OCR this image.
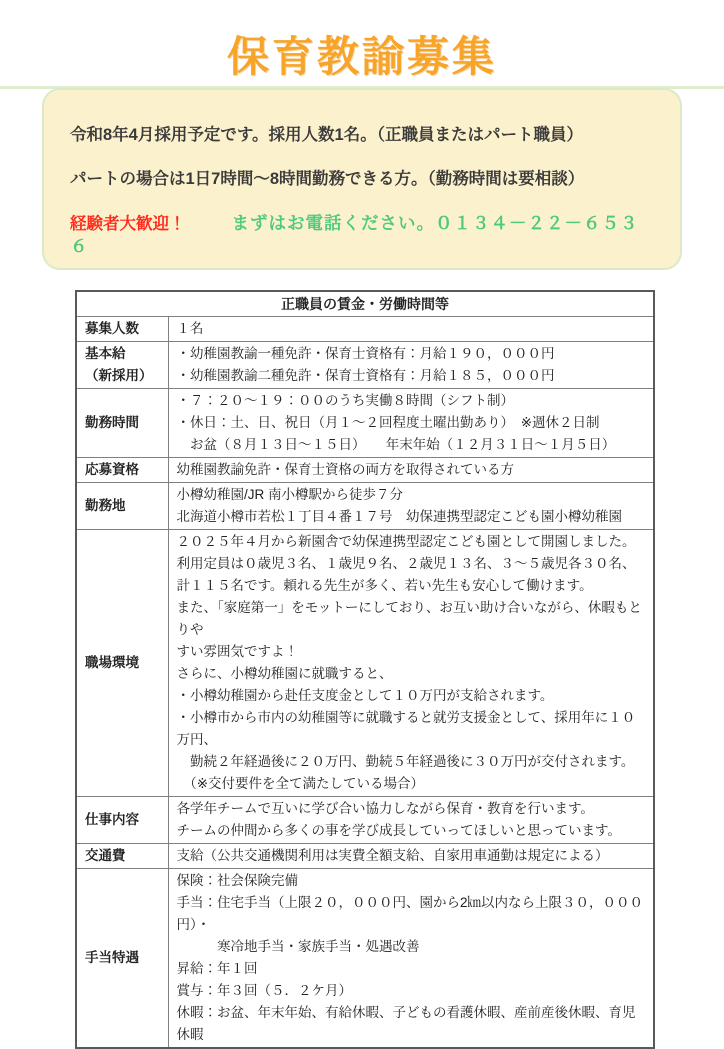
保育教諭募集

令和8年4月採用予定です。採用人数1名。（正職員またはパート職員）

パートの場合は1日7時間～8時間勤務できる方。（勤務時間は要相談）

経験者大歓迎！	まずはお電話ください。０１３４－２２－６５３６

正職員の賃金・労働時間等	
募集人数	１名
基本給
（新採用）	・幼稚園教諭一種免許・保育士資格有：月給１９０，０００円
・幼稚園教諭二種免許・保育士資格有：月給１８５，０００円
勤務時間	・７：２０～１９：００のうち実働８時間（シフト制）
・休日：土、日、祝日（月１～２回程度土曜出勤あり）　※週休２日制
　お盆（８月１３日～１５日）　　年末年始（１２月３１日～１月５日）
応募資格	幼稚園教諭免許・保育士資格の両方を取得されている方
勤務地	小樽幼稚園/JR 南小樽駅から徒歩７分
北海道小樽市若松１丁目４番１７号　幼保連携型認定こども園小樽幼稚園
職場環境	２０２５年４月から新園舎で幼保連携型認定こども園として開園しました。
利用定員は０歳児３名、１歳児９名、２歳児１３名、３～５歳児各３０名、
計１１５名です。頼れる先生が多く、若い先生も安心して働けます。
また、「家庭第一」をモットーにしており、お互い助け合いながら、休暇もとりや
すい雰囲気ですよ！
さらに、小樽幼稚園に就職すると、
・小樽幼稚園から赴任支度金として１０万円が支給されます。
・小樽市から市内の幼稚園等に就職すると就労支援金として、採用年に１０万円、
　勤続２年経過後に２０万円、勤続５年経過後に３０万円が交付されます。
　（※交付要件を全て満たしている場合）
仕事内容	各学年チームで互いに学び合い協力しながら保育・教育を行います。
チームの仲間から多くの事を学び成長していってほしいと思っています。
交通費	支給（公共交通機関利用は実費全額支給、自家用車通勤は規定による）
手当特遇	保険：社会保険完備
手当：住宅手当（上限２０，０００円、園から2㎞以内なら上限３０，０００円）・
　　　寒冷地手当・家族手当・処遇改善
昇給：年１回
賞与：年３回（５．２ケ月）
休暇：お盆、年末年始、有給休暇、子どもの看護休暇、産前産後休暇、育児休暇
